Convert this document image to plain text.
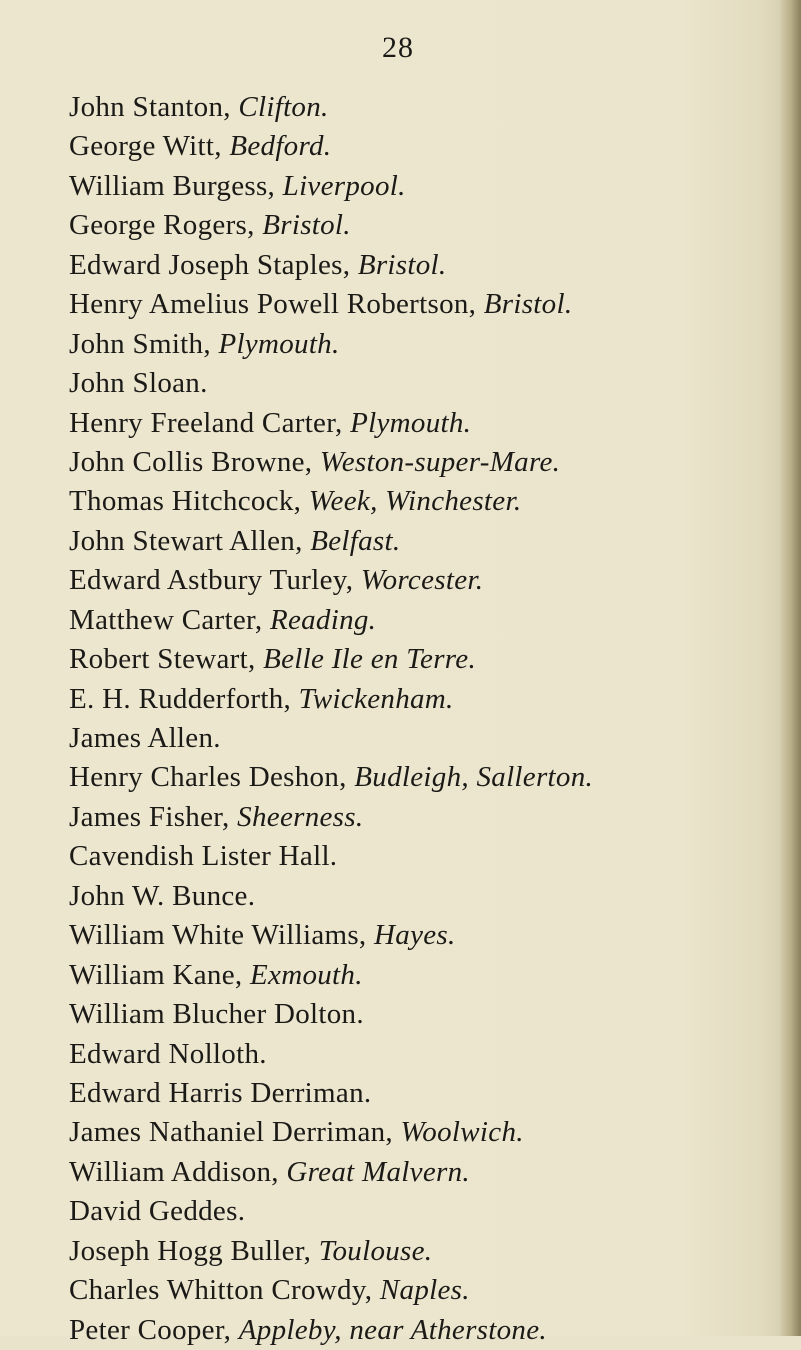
28
John Stanton, Clifton.
George Witt, Bedford.
William Burgess, Liverpool.
George Rogers, Bristol.
Edward Joseph Staples, Bristol.
Henry Amelius Powell Robertson, Bristol.
John Smith, Plymouth.
John Sloan.
Henry Freeland Carter, Plymouth.
John Collis Browne, Weston-super-Mare.
Thomas Hitchcock, Week, Winchester.
John Stewart Allen, Belfast.
Edward Astbury Turley, Worcester.
Matthew Carter, Reading.
Robert Stewart, Belle Ile en Terre.
E. H. Rudderforth, Twickenham.
James Allen.
Henry Charles Deshon, Budleigh, Sallerton.
James Fisher, Sheerness.
Cavendish Lister Hall.
John W. Bunce.
William White Williams, Hayes.
William Kane, Exmouth.
William Blucher Dolton.
Edward Nolloth.
Edward Harris Derriman.
James Nathaniel Derriman, Woolwich.
William Addison, Great Malvern.
David Geddes.
Joseph Hogg Buller, Toulouse.
Charles Whitton Crowdy, Naples.
Peter Cooper, Appleby, near Atherstone.
